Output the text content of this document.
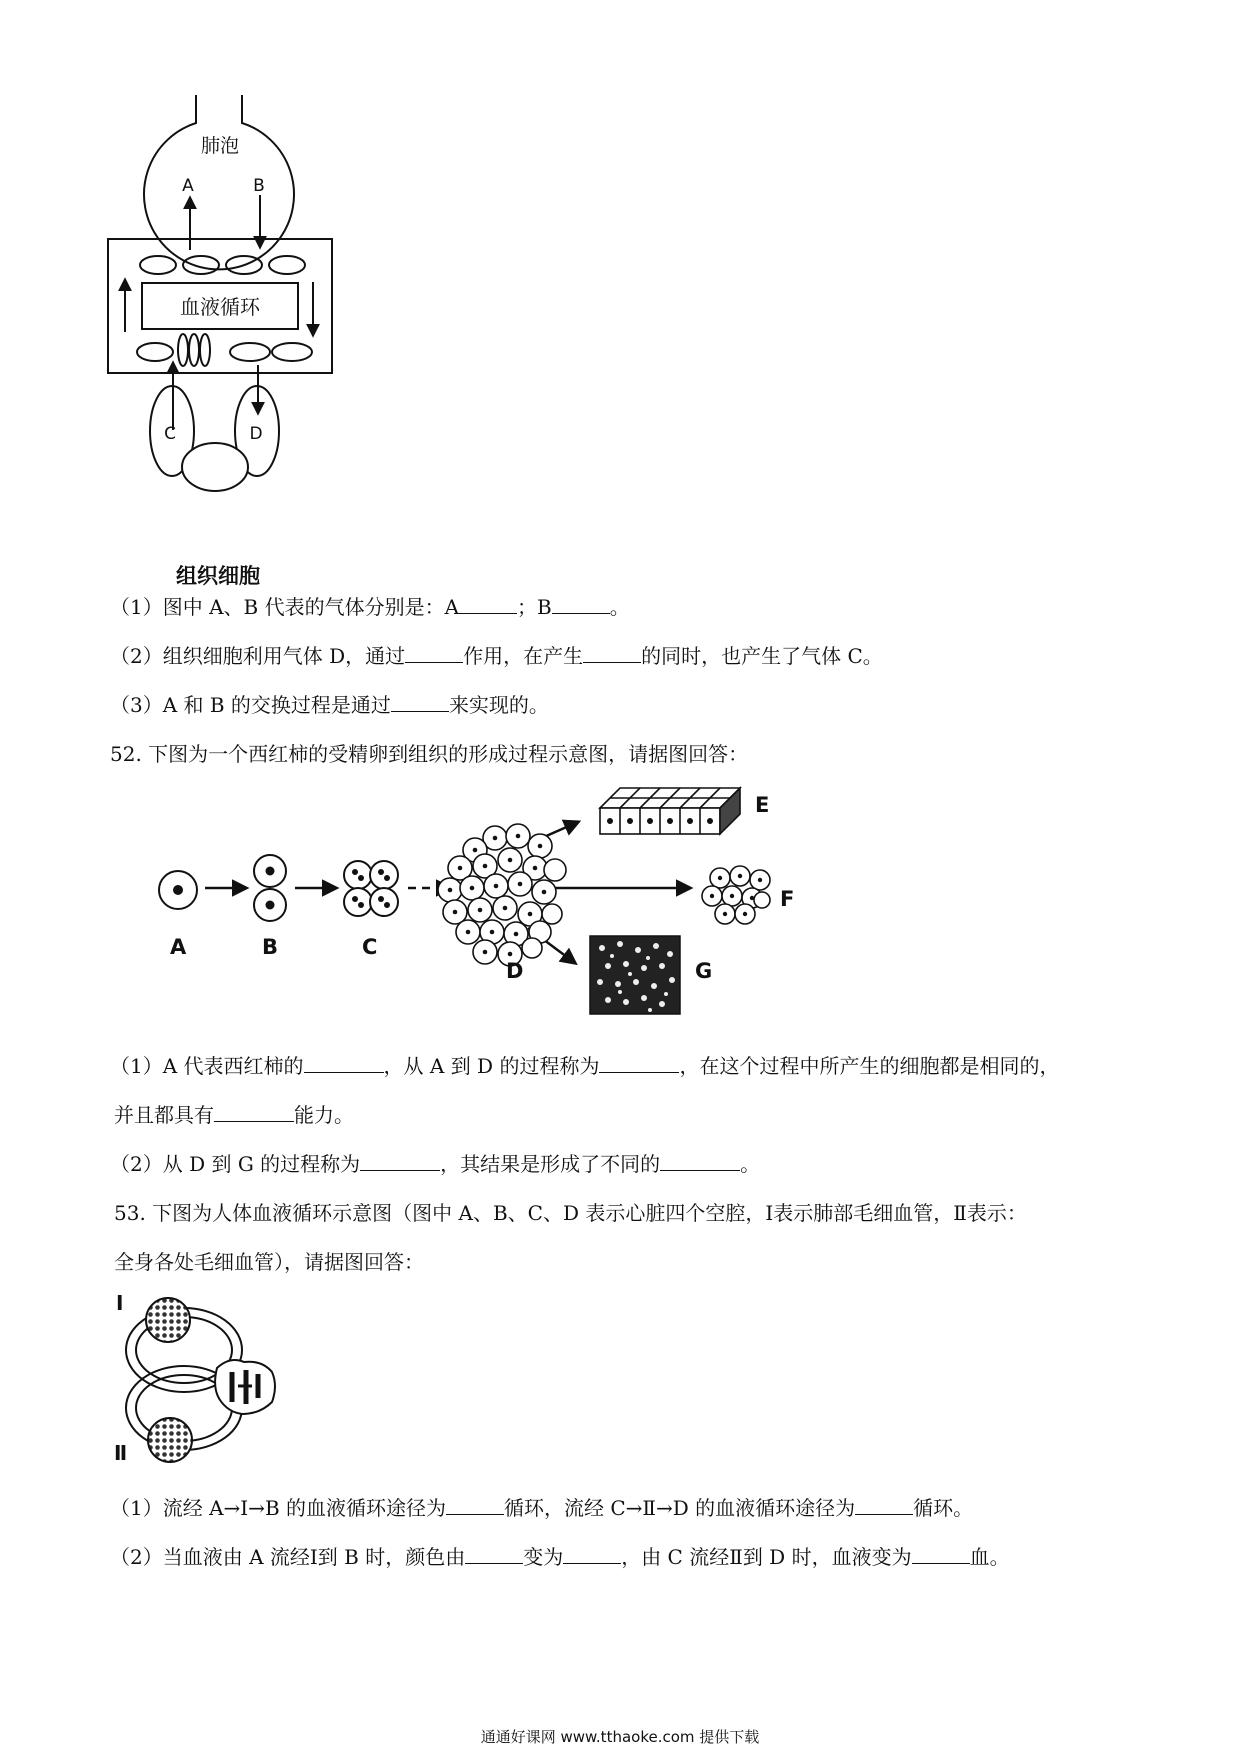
肺泡
A	B
血液循环
C	D
组织细胞
（1）图中 A、B 代表的气体分别是：A	；B	。
（2）组织细胞利用气体 D，通过	作用，在产生	的同时，也产生了气体 C。
（3）A 和 B 的交换过程是通过	来实现的。
52. 下图为一个西红柿的受精卵到组织的形成过程示意图，请据图回答：
A	B	C
D
E
F
G
（1）A 代表西红柿的	，从 A 到 D 的过程称为	，在这个过程中所产生的细胞都是相同的，
并且都具有	能力。
（2）从 D 到 G 的过程称为	，其结果是形成了不同的	。
53. 下图为人体血液循环示意图（图中 A、B、C、D 表示心脏四个空腔，Ⅰ表示肺部毛细血管，Ⅱ表示：
全身各处毛细血管），请据图回答：
Ⅰ
Ⅱ
（1）流经 A→Ⅰ→B 的血液循环途径为	循环，流经 C→Ⅱ→D 的血液循环途径为	循环。
（2）当血液由 A 流经Ⅰ到 B 时，颜色由	变为	，由 C 流经Ⅱ到 D 时，血液变为	血。
通通好课网 www.tthaoke.com 提供下载
